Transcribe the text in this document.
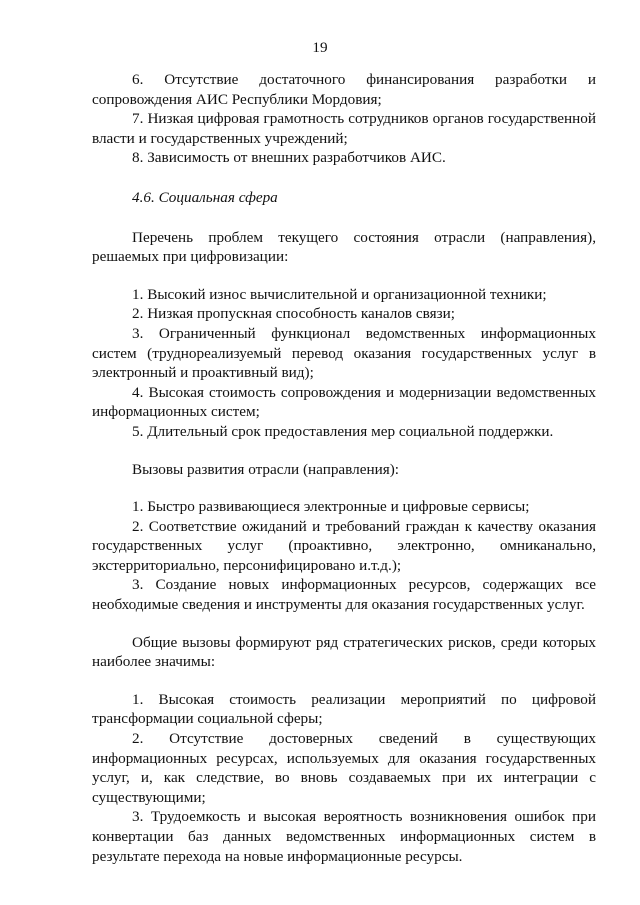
19

6. Отсутствие достаточного финансирования разработки и сопровождения АИС Республики Мордовия;

7. Низкая цифровая грамотность сотрудников органов государственной власти и государственных учреждений;

8. Зависимость от внешних разработчиков АИС.

4.6. Социальная сфера

Перечень проблем текущего состояния отрасли (направления), решаемых при цифровизации:

1. Высокий износ вычислительной и организационной техники;

2. Низкая пропускная способность каналов связи;

3. Ограниченный функционал ведомственных информационных систем (труднореализуемый перевод оказания государственных услуг в электронный и проактивный вид);

4. Высокая стоимость сопровождения и модернизации ведомственных информационных систем;

5. Длительный срок предоставления мер социальной поддержки.

Вызовы развития отрасли (направления):

1. Быстро развивающиеся электронные и цифровые сервисы;

2. Соответствие ожиданий и требований граждан к качеству оказания государственных услуг (проактивно, электронно, омниканально, экстерриториально, персонифицировано и.т.д.);

3. Создание новых информационных ресурсов, содержащих все необходимые сведения и инструменты для оказания государственных услуг.

Общие вызовы формируют ряд стратегических рисков, среди которых наиболее значимы:

1. Высокая стоимость реализации мероприятий по цифровой трансформации социальной сферы;

2. Отсутствие достоверных сведений в существующих информационных ресурсах, используемых для оказания государственных услуг, и, как следствие, во вновь создаваемых при их интеграции с существующими;

3. Трудоемкость и высокая вероятность возникновения ошибок при конвертации баз данных ведомственных информационных систем в результате перехода на новые информационные ресурсы.
